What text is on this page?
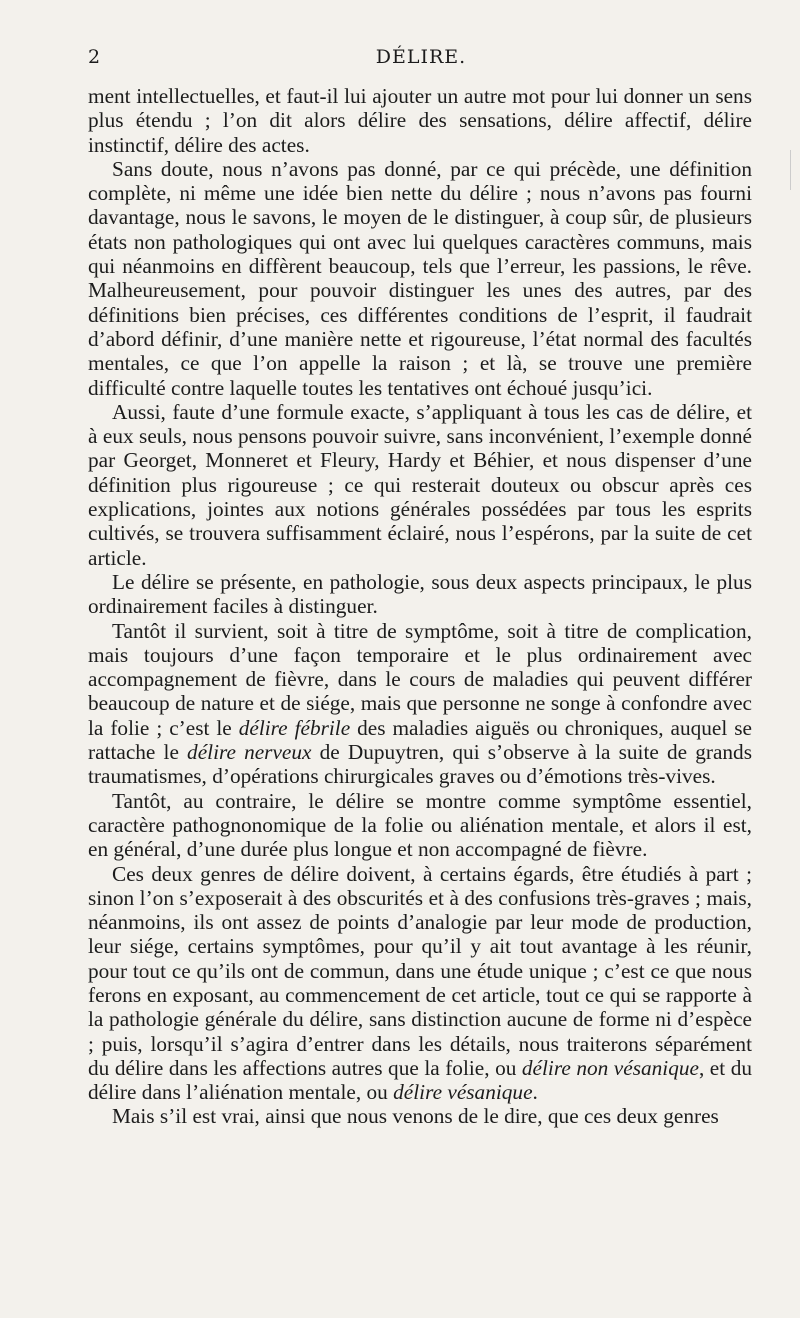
2	DÉLIRE.

ment intellectuelles, et faut-il lui ajouter un autre mot pour lui donner un sens plus étendu ; l’on dit alors délire des sensations, délire affectif, délire instinctif, délire des actes.

Sans doute, nous n’avons pas donné, par ce qui précède, une définition complète, ni même une idée bien nette du délire ; nous n’avons pas fourni davantage, nous le savons, le moyen de le distinguer, à coup sûr, de plusieurs états non pathologiques qui ont avec lui quelques caractères communs, mais qui néanmoins en diffèrent beaucoup, tels que l’erreur, les passions, le rêve. Malheureusement, pour pouvoir distinguer les unes des autres, par des définitions bien précises, ces différentes conditions de l’esprit, il faudrait d’abord définir, d’une manière nette et rigoureuse, l’état normal des facultés mentales, ce que l’on appelle la raison ; et là, se trouve une première difficulté contre laquelle toutes les tentatives ont échoué jusqu’ici.

Aussi, faute d’une formule exacte, s’appliquant à tous les cas de délire, et à eux seuls, nous pensons pouvoir suivre, sans inconvénient, l’exemple donné par Georget, Monneret et Fleury, Hardy et Béhier, et nous dispenser d’une définition plus rigoureuse ; ce qui resterait douteux ou obscur après ces explications, jointes aux notions générales possédées par tous les esprits cultivés, se trouvera suffisamment éclairé, nous l’espérons, par la suite de cet article.

Le délire se présente, en pathologie, sous deux aspects principaux, le plus ordinairement faciles à distinguer.

Tantôt il survient, soit à titre de symptôme, soit à titre de complication, mais toujours d’une façon temporaire et le plus ordinairement avec accompagnement de fièvre, dans le cours de maladies qui peuvent différer beaucoup de nature et de siége, mais que personne ne songe à confondre avec la folie ; c’est le délire fébrile des maladies aiguës ou chroniques, auquel se rattache le délire nerveux de Dupuytren, qui s’observe à la suite de grands traumatismes, d’opérations chirurgicales graves ou d’émotions très-vives.

Tantôt, au contraire, le délire se montre comme symptôme essentiel, caractère pathognonomique de la folie ou aliénation mentale, et alors il est, en général, d’une durée plus longue et non accompagné de fièvre.

Ces deux genres de délire doivent, à certains égards, être étudiés à part ; sinon l’on s’exposerait à des obscurités et à des confusions très-graves ; mais, néanmoins, ils ont assez de points d’analogie par leur mode de production, leur siége, certains symptômes, pour qu’il y ait tout avantage à les réunir, pour tout ce qu’ils ont de commun, dans une étude unique ; c’est ce que nous ferons en exposant, au commencement de cet article, tout ce qui se rapporte à la pathologie générale du délire, sans distinction aucune de forme ni d’espèce ; puis, lorsqu’il s’agira d’entrer dans les détails, nous traiterons séparément du délire dans les affections autres que la folie, ou délire non vésanique, et du délire dans l’aliénation mentale, ou délire vésanique.

Mais s’il est vrai, ainsi que nous venons de le dire, que ces deux genres
